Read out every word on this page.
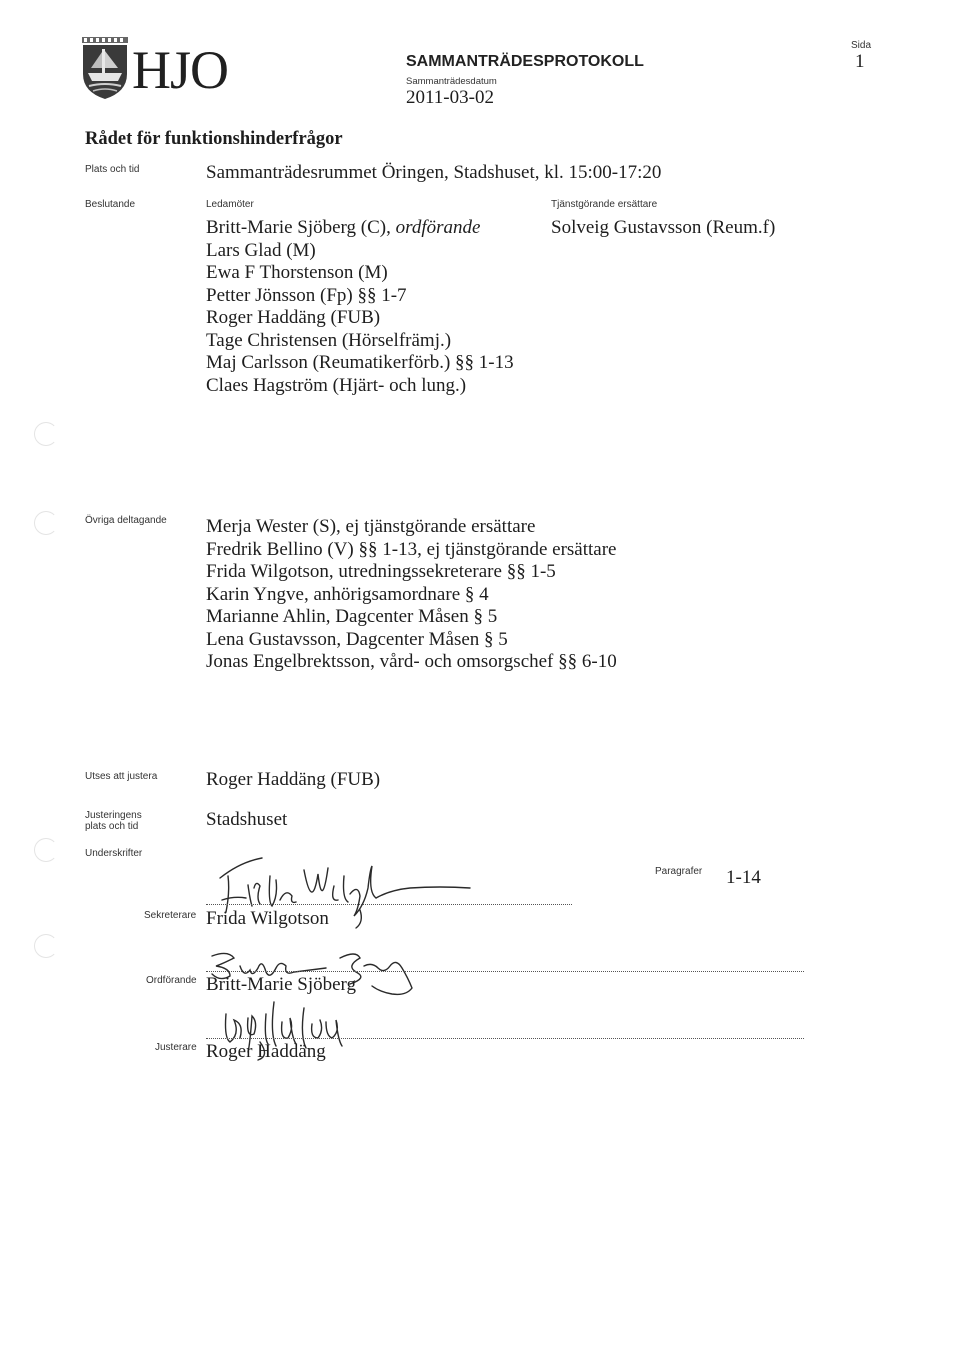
HJO	SAMMANTRÄDESPROTOKOLL
Sammanträdesdatum
2011-03-02
Sida
1
Rådet för funktionshinderfrågor
Plats och tid	Sammanträdesrummet Öringen, Stadshuset, kl. 15:00-17:20
Beslutande	Ledamöter
Britt-Marie Sjöberg (C), ordförande
Lars Glad (M)
Ewa F Thorstenson (M)
Petter Jönsson (Fp) §§ 1-7
Roger Haddäng (FUB)
Tage Christensen (Hörselfrämj.)
Maj Carlsson (Reumatikerförb.) §§ 1-13
Claes Hagström (Hjärt- och lung.)
Tjänstgörande ersättare
Solveig Gustavsson (Reum.f)
Övriga deltagande Merja Wester (S), ej tjänstgörande ersättare
Fredrik Bellino (V) §§ 1-13, ej tjänstgörande ersättare
Frida Wilgotson, utredningssekreterare §§ 1-5
Karin Yngve, anhörigsamordnare § 4
Marianne Ahlin, Dagcenter Måsen § 5
Lena Gustavsson, Dagcenter Måsen § 5
Jonas Engelbrektsson, vård- och omsorgschef §§ 6-10
Utses att justera	Roger Haddäng (FUB)
Justeringens
plats och tid	Stadshuset
Underskrifter
Paragrafer 1-14
Sekreterare Frida Wilgotson
Ordförande Britt-Marie Sjöberg
Justerare Roger Haddäng
